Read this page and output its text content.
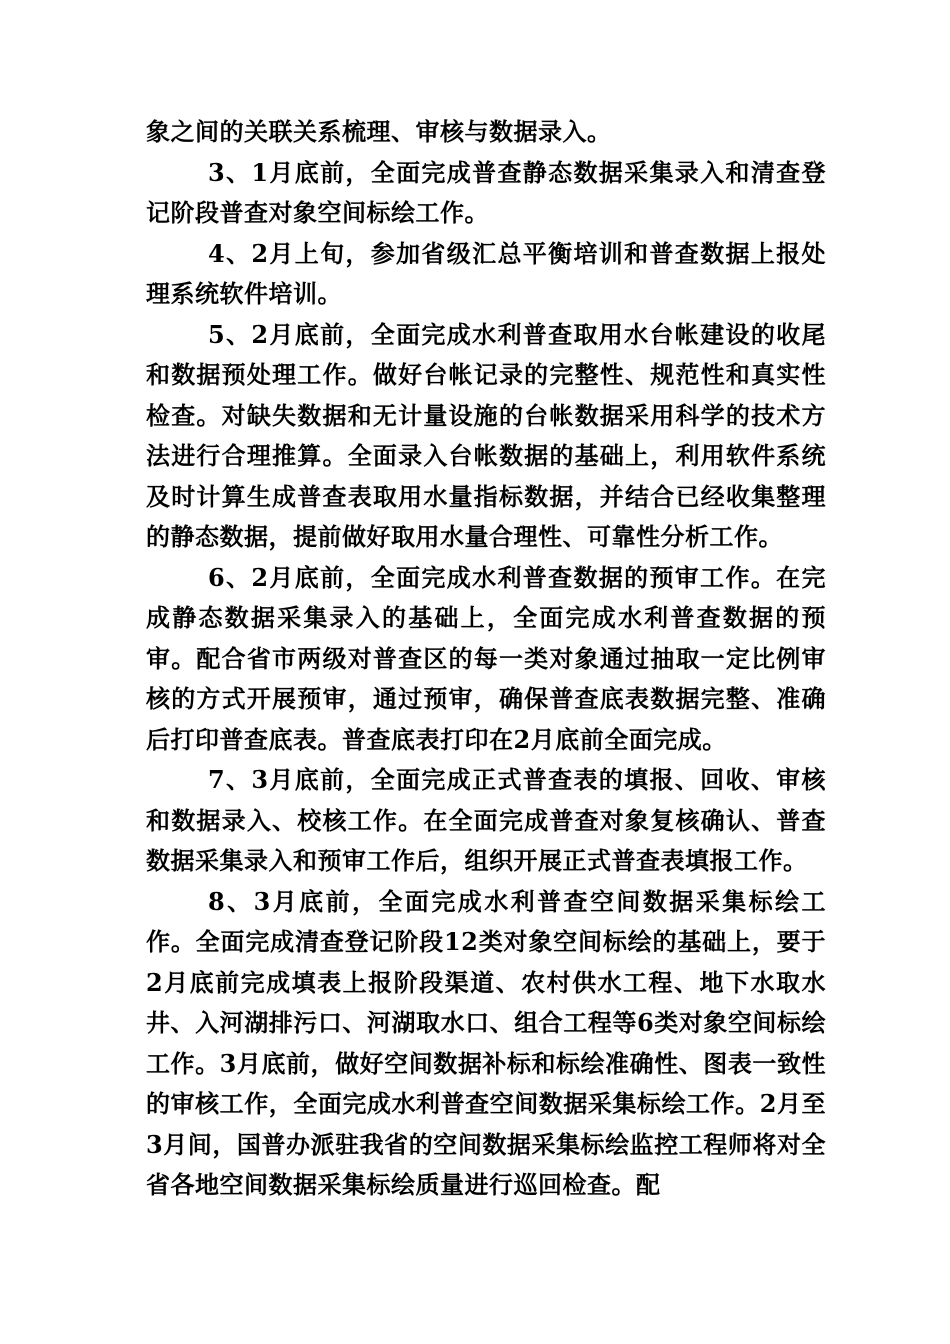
象之间的关联关系梳理、审核与数据录入。

3、1月底前，全面完成普查静态数据采集录入和清查登记阶段普查对象空间标绘工作。

4、2月上旬，参加省级汇总平衡培训和普查数据上报处理系统软件培训。

5、2月底前，全面完成水利普查取用水台帐建设的收尾和数据预处理工作。做好台帐记录的完整性、规范性和真实性检查。对缺失数据和无计量设施的台帐数据采用科学的技术方法进行合理推算。全面录入台帐数据的基础上，利用软件系统及时计算生成普查表取用水量指标数据，并结合已经收集整理的静态数据，提前做好取用水量合理性、可靠性分析工作。

6、2月底前，全面完成水利普查数据的预审工作。在完成静态数据采集录入的基础上，全面完成水利普查数据的预审。配合省市两级对普查区的每一类对象通过抽取一定比例审核的方式开展预审，通过预审，确保普查底表数据完整、准确后打印普查底表。普查底表打印在2月底前全面完成。

7、3月底前，全面完成正式普查表的填报、回收、审核和数据录入、校核工作。在全面完成普查对象复核确认、普查数据采集录入和预审工作后，组织开展正式普查表填报工作。

8、3月底前，全面完成水利普查空间数据采集标绘工作。全面完成清查登记阶段12类对象空间标绘的基础上，要于2月底前完成填表上报阶段渠道、农村供水工程、地下水取水井、入河湖排污口、河湖取水口、组合工程等6类对象空间标绘工作。3月底前，做好空间数据补标和标绘准确性、图表一致性的审核工作，全面完成水利普查空间数据采集标绘工作。2月至3月间，国普办派驻我省的空间数据采集标绘监控工程师将对全省各地空间数据采集标绘质量进行巡回检查。配
